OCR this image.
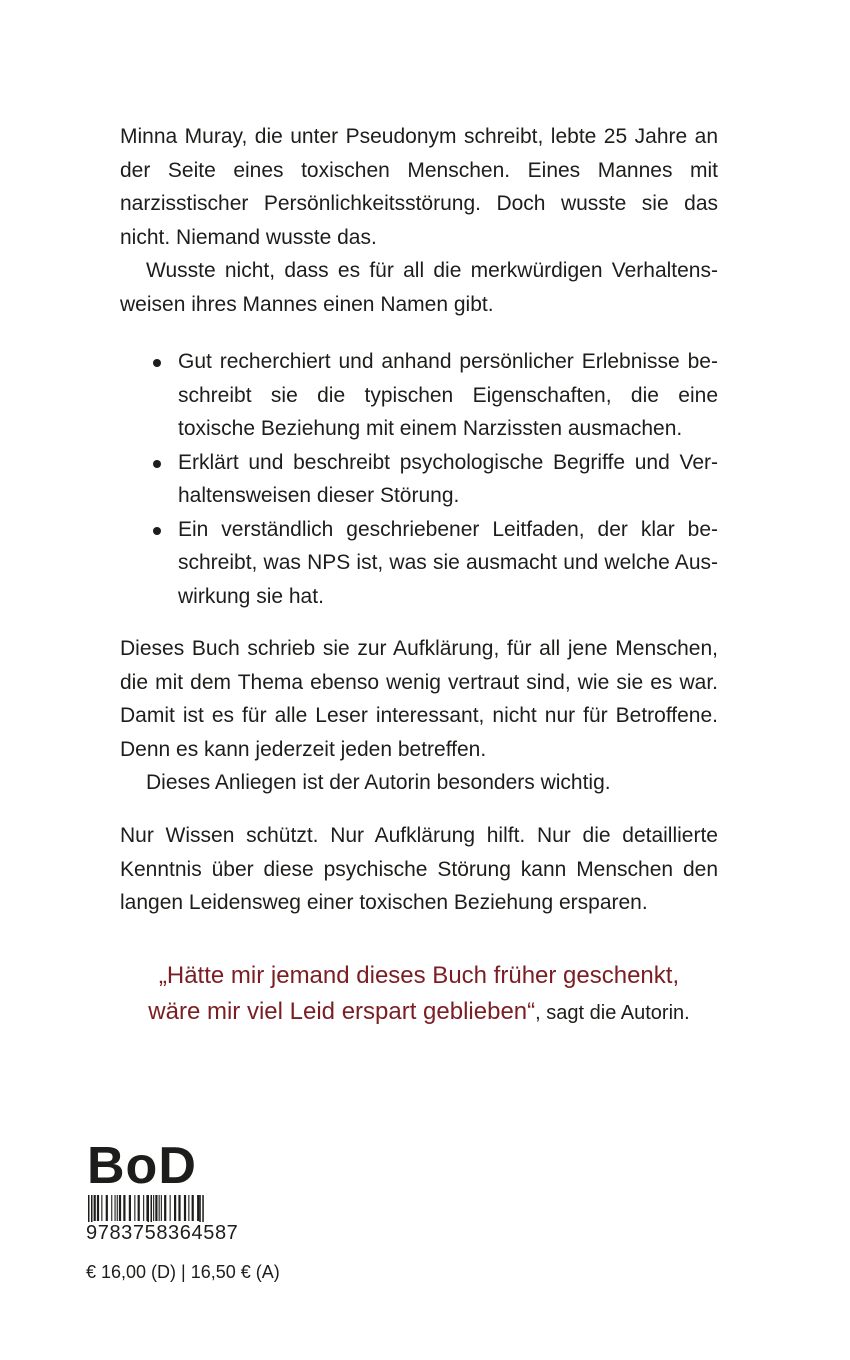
Minna Muray, die unter Pseudonym schreibt, lebte 25 Jahre an der Seite eines toxischen Menschen. Eines Mannes mit narzisstischer Persönlichkeitsstörung. Doch wusste sie das nicht. Niemand wusste das.

Wusste nicht, dass es für all die merkwürdigen Verhaltensweisen ihres Mannes einen Namen gibt.

Gut recherchiert und anhand persönlicher Erlebnisse beschreibt sie die typischen Eigenschaften, die eine toxische Beziehung mit einem Narzissten ausmachen.
Erklärt und beschreibt psychologische Begriffe und Verhaltensweisen dieser Störung.
Ein verständlich geschriebener Leitfaden, der klar beschreibt, was NPS ist, was sie ausmacht und welche Auswirkung sie hat.

Dieses Buch schrieb sie zur Aufklärung, für all jene Menschen, die mit dem Thema ebenso wenig vertraut sind, wie sie es war. Damit ist es für alle Leser interessant, nicht nur für Betroffene. Denn es kann jederzeit jeden betreffen.

Dieses Anliegen ist der Autorin besonders wichtig.

Nur Wissen schützt. Nur Aufklärung hilft. Nur die detaillierte Kenntnis über diese psychische Störung kann Menschen den langen Leidensweg einer toxischen Beziehung ersparen.

„Hätte mir jemand dieses Buch früher geschenkt,
wäre mir viel Leid erspart geblieben“, sagt die Autorin.
BoD
9783758364587
€ 16,00 (D) | 16,50 € (A)
